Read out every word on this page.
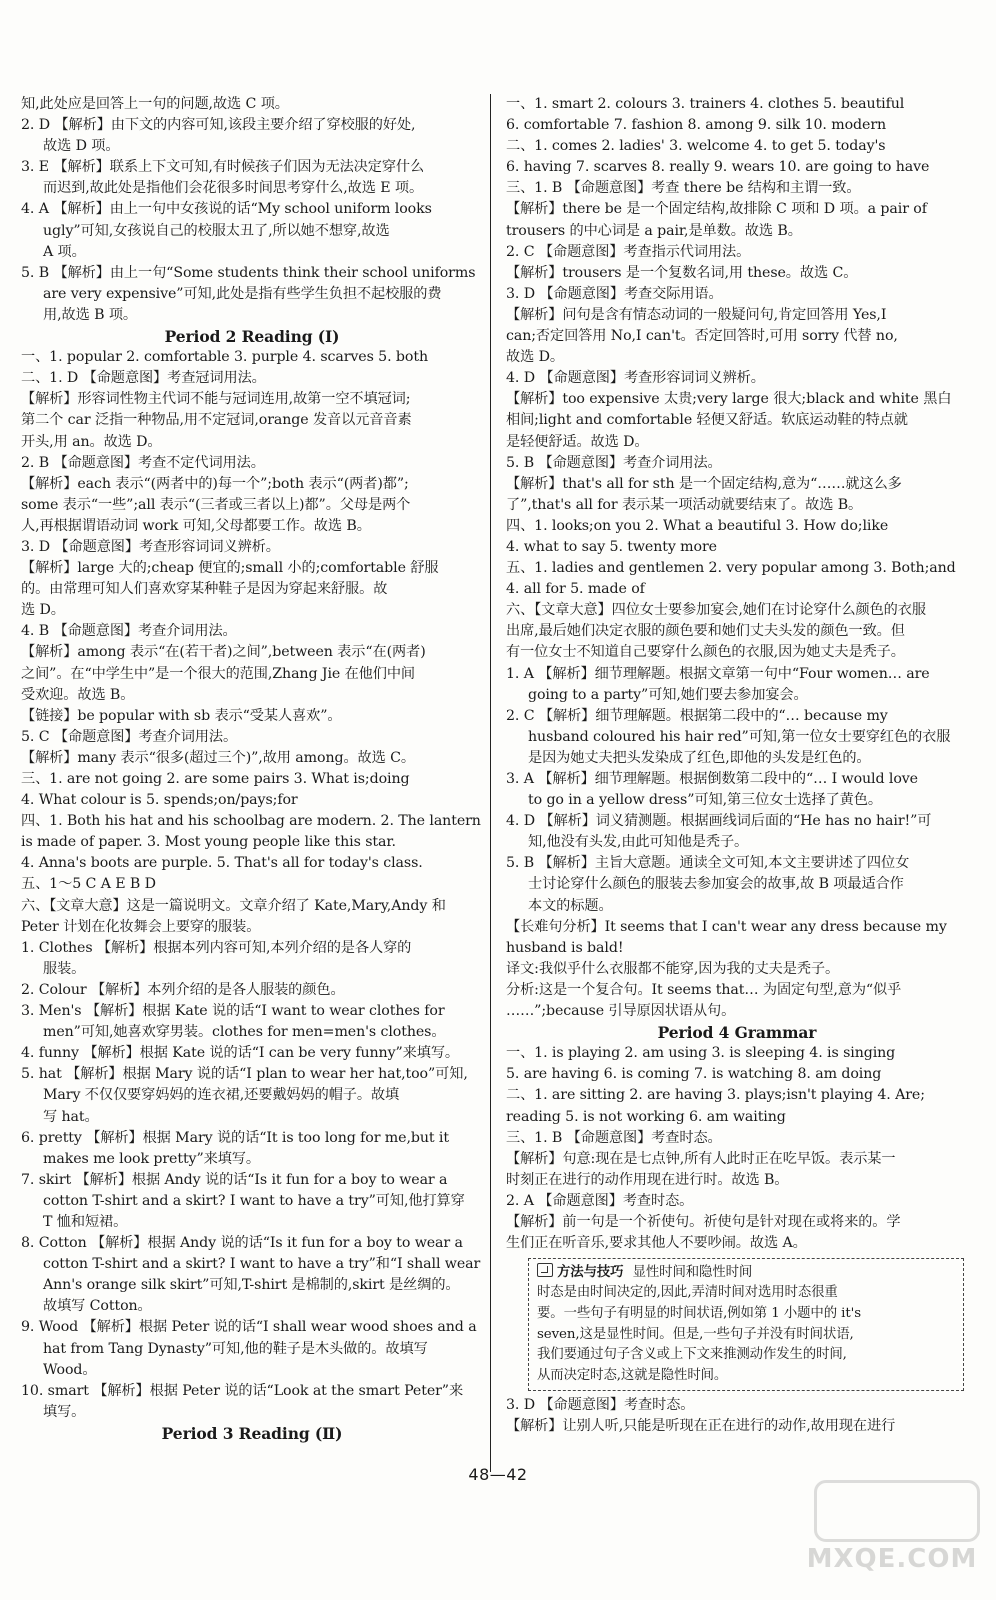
知,此处应是回答上一句的问题,故选 C 项。
2. D 【解析】由下文的内容可知,该段主要介绍了穿校服的好处,
故选 D 项。
3. E 【解析】联系上下文可知,有时候孩子们因为无法决定穿什么
而迟到,故此处是指他们会花很多时间思考穿什么,故选 E 项。
4. A 【解析】由上一句中女孩说的话“My school uniform looks
ugly”可知,女孩说自己的校服太丑了,所以她不想穿,故选
A 项。
5. B 【解析】由上一句“Some students think their school uniforms
are very expensive”可知,此处是指有些学生负担不起校服的费
用,故选 B 项。
Period 2 Reading (Ⅰ)
一、1. popular 2. comfortable 3. purple 4. scarves 5. both
二、1. D 【命题意图】考查冠词用法。
【解析】形容词性物主代词不能与冠词连用,故第一空不填冠词;
第二个 car 泛指一种物品,用不定冠词,orange 发音以元音音素
开头,用 an。故选 D。
2. B 【命题意图】考查不定代词用法。
【解析】each 表示“(两者中的)每一个”;both 表示“(两者)都”;
some 表示“一些”;all 表示“(三者或三者以上)都”。父母是两个
人,再根据谓语动词 work 可知,父母都要工作。故选 B。
3. D 【命题意图】考查形容词词义辨析。
【解析】large 大的;cheap 便宜的;small 小的;comfortable 舒服
的。由常理可知人们喜欢穿某种鞋子是因为穿起来舒服。故
选 D。
4. B 【命题意图】考查介词用法。
【解析】among 表示“在(若干者)之间”,between 表示“在(两者)
之间”。在“中学生中”是一个很大的范围,Zhang Jie 在他们中间
受欢迎。故选 B。
【链接】be popular with sb 表示“受某人喜欢”。
5. C 【命题意图】考查介词用法。
【解析】many 表示“很多(超过三个)”,故用 among。故选 C。
三、1. are not going 2. are some pairs 3. What is;doing
4. What colour is 5. spends;on/pays;for
四、1. Both his hat and his schoolbag are modern. 2. The lantern
is made of paper. 3. Most young people like this star.
4. Anna's boots are purple. 5. That's all for today's class.
五、1～5 C A E B D
六、【文章大意】这是一篇说明文。文章介绍了 Kate,Mary,Andy 和
Peter 计划在化妆舞会上要穿的服装。
1. Clothes 【解析】根据本列内容可知,本列介绍的是各人穿的
服装。
2. Colour 【解析】本列介绍的是各人服装的颜色。
3. Men's 【解析】根据 Kate 说的话“I want to wear clothes for
men”可知,她喜欢穿男装。clothes for men=men's clothes。
4. funny 【解析】根据 Kate 说的话“I can be very funny”来填写。
5. hat 【解析】根据 Mary 说的话“I plan to wear her hat,too”可知,
Mary 不仅仅要穿妈妈的连衣裙,还要戴妈妈的帽子。故填
写 hat。
6. pretty 【解析】根据 Mary 说的话“It is too long for me,but it
makes me look pretty”来填写。
7. skirt 【解析】根据 Andy 说的话“Is it fun for a boy to wear a
cotton T-shirt and a skirt? I want to have a try”可知,他打算穿
T 恤和短裙。
8. Cotton 【解析】根据 Andy 说的话“Is it fun for a boy to wear a
cotton T-shirt and a skirt? I want to have a try”和“I shall wear
Ann's orange silk skirt”可知,T-shirt 是棉制的,skirt 是丝绸的。
故填写 Cotton。
9. Wood 【解析】根据 Peter 说的话“I shall wear wood shoes and a
hat from Tang Dynasty”可知,他的鞋子是木头做的。故填写
Wood。
10. smart 【解析】根据 Peter 说的话“Look at the smart Peter”来
填写。
Period 3 Reading (Ⅱ)
一、1. smart 2. colours 3. trainers 4. clothes 5. beautiful
6. comfortable 7. fashion 8. among 9. silk 10. modern
二、1. comes 2. ladies' 3. welcome 4. to get 5. today's
6. having 7. scarves 8. really 9. wears 10. are going to have
三、1. B 【命题意图】考查 there be 结构和主谓一致。
【解析】there be 是一个固定结构,故排除 C 项和 D 项。a pair of
trousers 的中心词是 a pair,是单数。故选 B。
2. C 【命题意图】考查指示代词用法。
【解析】trousers 是一个复数名词,用 these。故选 C。
3. D 【命题意图】考查交际用语。
【解析】问句是含有情态动词的一般疑问句,肯定回答用 Yes,I
can;否定回答用 No,I can't。否定回答时,可用 sorry 代替 no,
故选 D。
4. D 【命题意图】考查形容词词义辨析。
【解析】too expensive 太贵;very large 很大;black and white 黑白
相间;light and comfortable 轻便又舒适。软底运动鞋的特点就
是轻便舒适。故选 D。
5. B 【命题意图】考查介词用法。
【解析】that's all for sth 是一个固定结构,意为“……就这么多
了”,that's all for 表示某一项活动就要结束了。故选 B。
四、1. looks;on you 2. What a beautiful 3. How do;like
4. what to say 5. twenty more
五、1. ladies and gentlemen 2. very popular among 3. Both;and
4. all for 5. made of
六、【文章大意】四位女士要参加宴会,她们在讨论穿什么颜色的衣服
出席,最后她们决定衣服的颜色要和她们丈夫头发的颜色一致。但
有一位女士不知道自己要穿什么颜色的衣服,因为她丈夫是秃子。
1. A 【解析】细节理解题。根据文章第一句中“Four women… are
going to a party”可知,她们要去参加宴会。
2. C 【解析】细节理解题。根据第二段中的“… because my
husband coloured his hair red”可知,第一位女士要穿红色的衣服
是因为她丈夫把头发染成了红色,即他的头发是红色的。
3. A 【解析】细节理解题。根据倒数第二段中的“… I would love
to go in a yellow dress”可知,第三位女士选择了黄色。
4. D 【解析】词义猜测题。根据画线词后面的“He has no hair!”可
知,他没有头发,由此可知他是秃子。
5. B 【解析】主旨大意题。通读全文可知,本文主要讲述了四位女
士讨论穿什么颜色的服装去参加宴会的故事,故 B 项最适合作
本文的标题。
【长难句分析】It seems that I can't wear any dress because my
husband is bald!
译文:我似乎什么衣服都不能穿,因为我的丈夫是秃子。
分析:这是一个复合句。It seems that… 为固定句型,意为“似乎
……”;because 引导原因状语从句。
Period 4 Grammar
一、1. is playing 2. am using 3. is sleeping 4. is singing
5. are having 6. is coming 7. is watching 8. am doing
二、1. are sitting 2. are having 3. plays;isn't playing 4. Are;
reading 5. is not working 6. am waiting
三、1. B 【命题意图】考查时态。
【解析】句意:现在是七点钟,所有人此时正在吃早饭。表示某一
时刻正在进行的动作用现在进行时。故选 B。
2. A 【命题意图】考查时态。
【解析】前一句是一个祈使句。祈使句是针对现在或将来的。学
生们正在听音乐,要求其他人不要吵闹。故选 A。
方法与技巧 显性时间和隐性时间
时态是由时间决定的,因此,弄清时间对选用时态很重
要。一些句子有明显的时间状语,例如第 1 小题中的 it's
seven,这是显性时间。但是,一些句子并没有时间状语,
我们要通过句子含义或上下文来推测动作发生的时间,
从而决定时态,这就是隐性时间。
3. D 【命题意图】考查时态。
【解析】让别人听,只能是听现在正在进行的动作,故用现在进行
48—42
MXQE.COM
